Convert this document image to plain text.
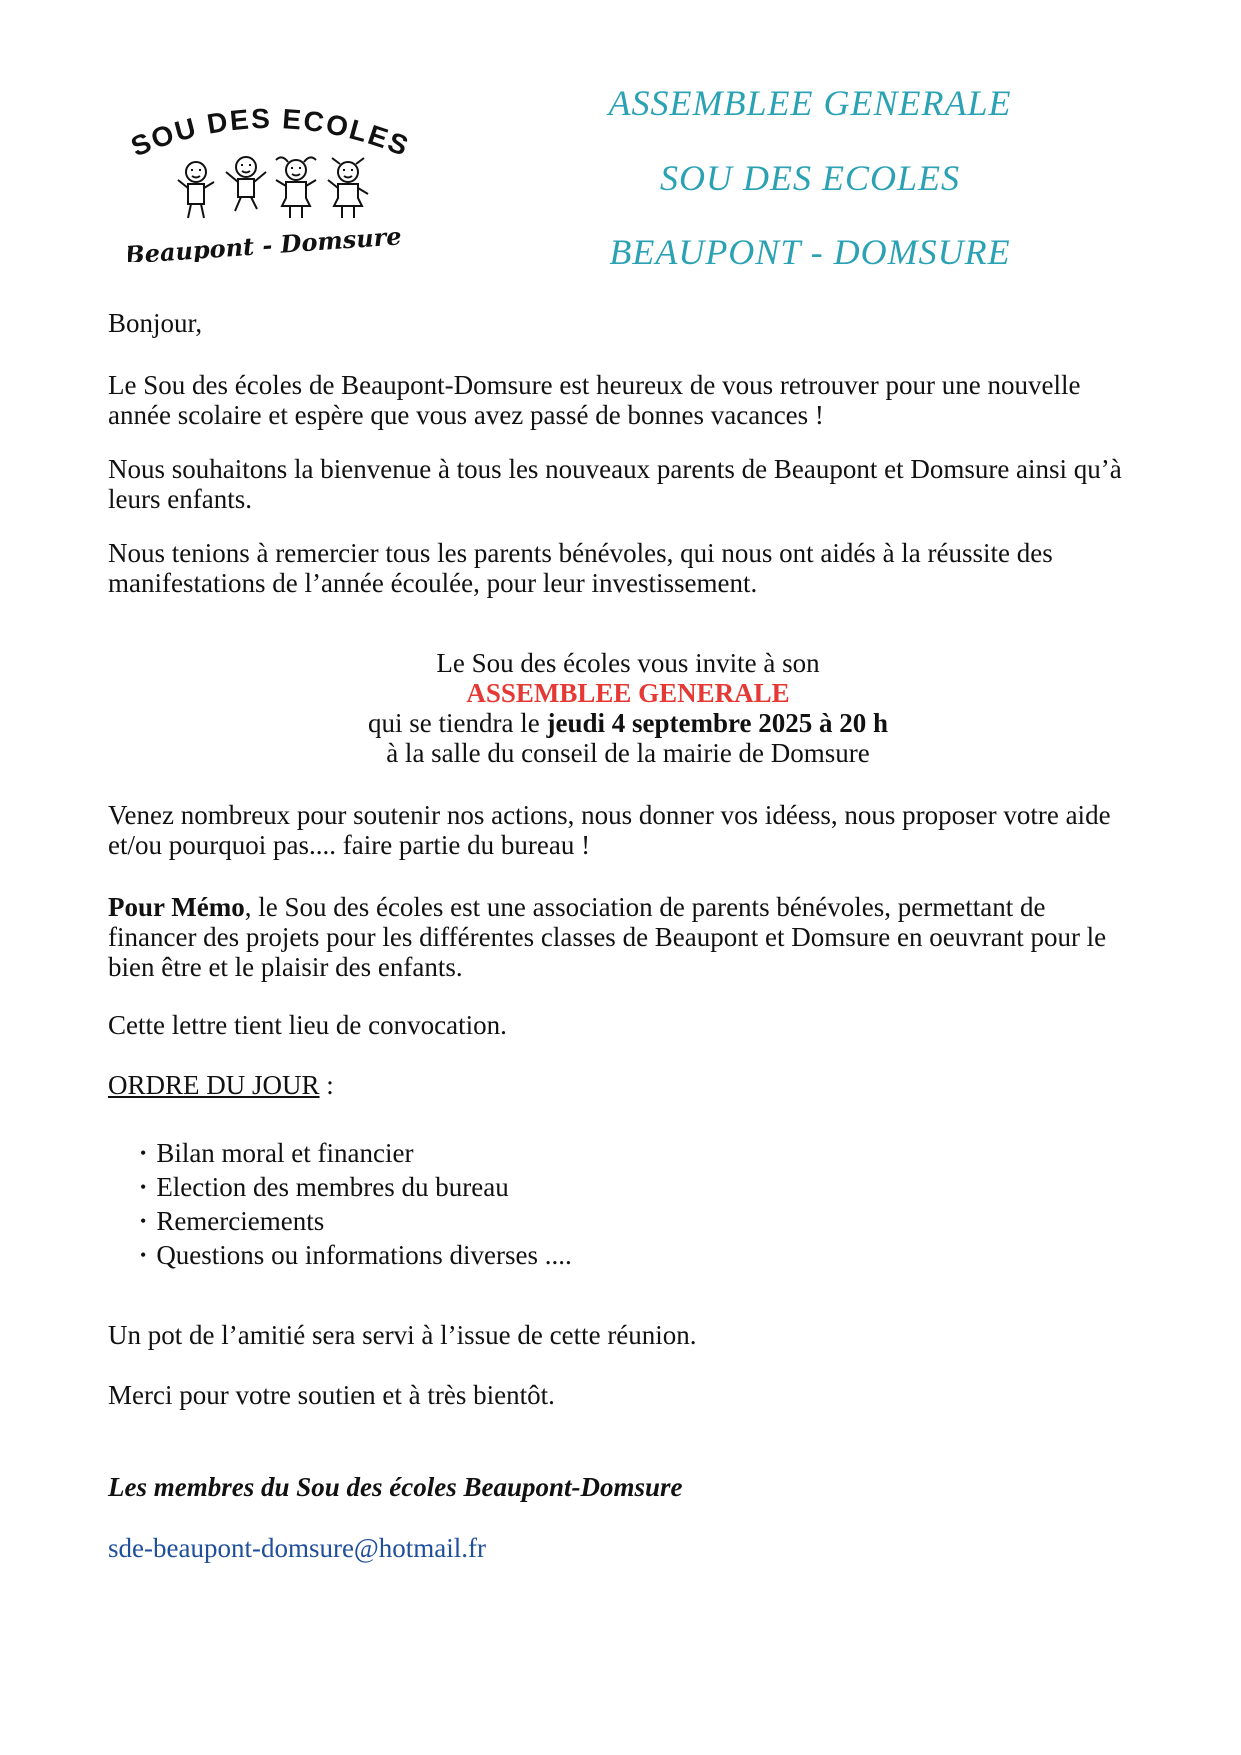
SOU DES ECOLES
Beaupont - Domsure
ASSEMBLEE GENERALE
SOU DES ECOLES
BEAUPONT - DOMSURE
Bonjour,
Le Sou des écoles de Beaupont-Domsure est heureux de vous retrouver pour une nouvelle année scolaire et espère que vous avez passé de bonnes vacances !
Nous souhaitons la bienvenue à tous les nouveaux parents de Beaupont et Domsure ainsi qu’à leurs enfants.
Nous tenions à remercier tous les parents bénévoles, qui nous ont aidés à la réussite des manifestations de l’année écoulée, pour leur investissement.
Le Sou des écoles vous invite à son
ASSEMBLEE GENERALE
qui se tiendra le jeudi 4 septembre 2025 à 20 h
à la salle du conseil de la mairie de Domsure
Venez nombreux pour soutenir nos actions, nous donner vos idéess, nous proposer votre aide et/ou pourquoi pas.... faire partie du bureau !
Pour Mémo, le Sou des écoles est une association de parents bénévoles, permettant de financer des projets pour les différentes classes de Beaupont et Domsure en oeuvrant pour le bien être et le plaisir des enfants.
Cette lettre tient lieu de convocation.
ORDRE DU JOUR :
• Bilan moral et financier
• Election des membres du bureau
• Remerciements
• Questions ou informations diverses ....
Un pot de l’amitié sera servi à l’issue de cette réunion.
Merci pour votre soutien et à très bientôt.
Les membres du Sou des écoles Beaupont-Domsure
sde-beaupont-domsure@hotmail.fr
